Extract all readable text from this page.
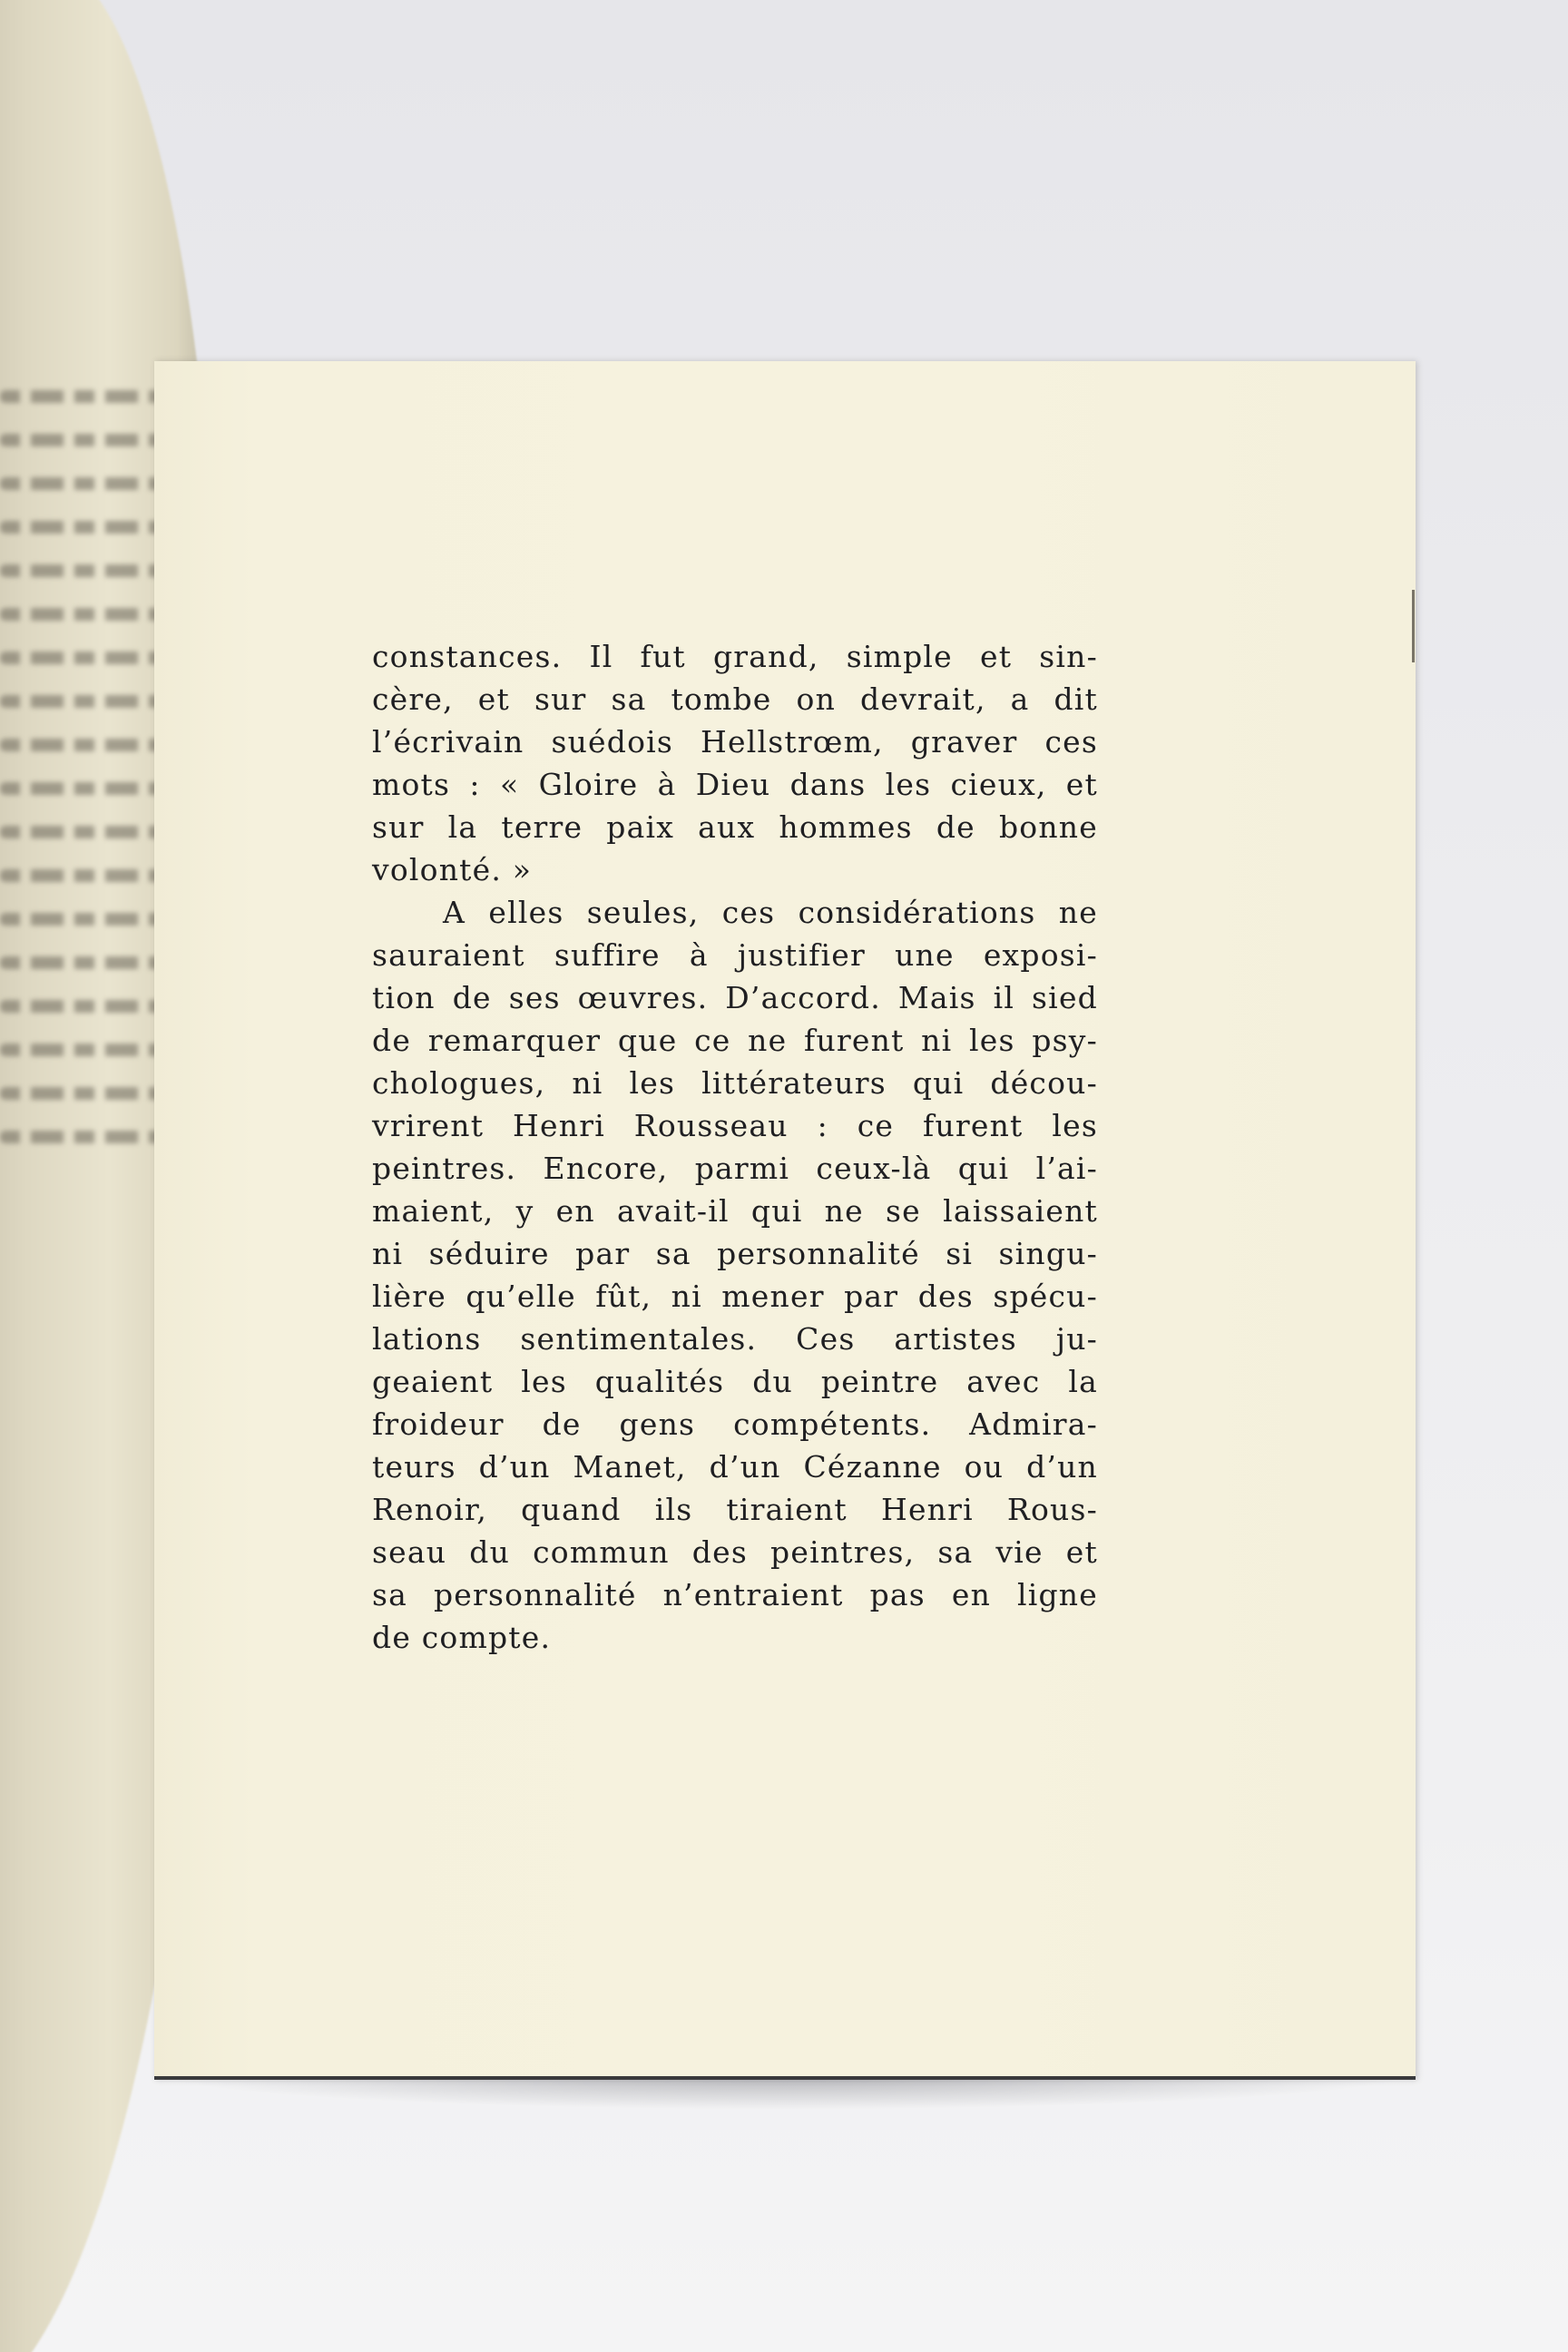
constances. Il fut grand, simple et sin-
cère, et sur sa tombe on devrait, a dit
l’écrivain suédois Hellstrœm, graver ces
mots : « Gloire à Dieu dans les cieux, et
sur la terre paix aux hommes de bonne
volonté. »
A elles seules, ces considérations ne
sauraient suffire à justifier une exposi-
tion de ses œuvres. D’accord. Mais il sied
de remarquer que ce ne furent ni les psy-
chologues, ni les littérateurs qui décou-
vrirent Henri Rousseau : ce furent les
peintres. Encore, parmi ceux-là qui l’ai-
maient, y en avait-il qui ne se laissaient
ni séduire par sa personnalité si singu-
lière qu’elle fût, ni mener par des spécu-
lations sentimentales. Ces artistes ju-
geaient les qualités du peintre avec la
froideur de gens compétents. Admira-
teurs d’un Manet, d’un Cézanne ou d’un
Renoir, quand ils tiraient Henri Rous-
seau du commun des peintres, sa vie et
sa personnalité n’entraient pas en ligne
de compte.
